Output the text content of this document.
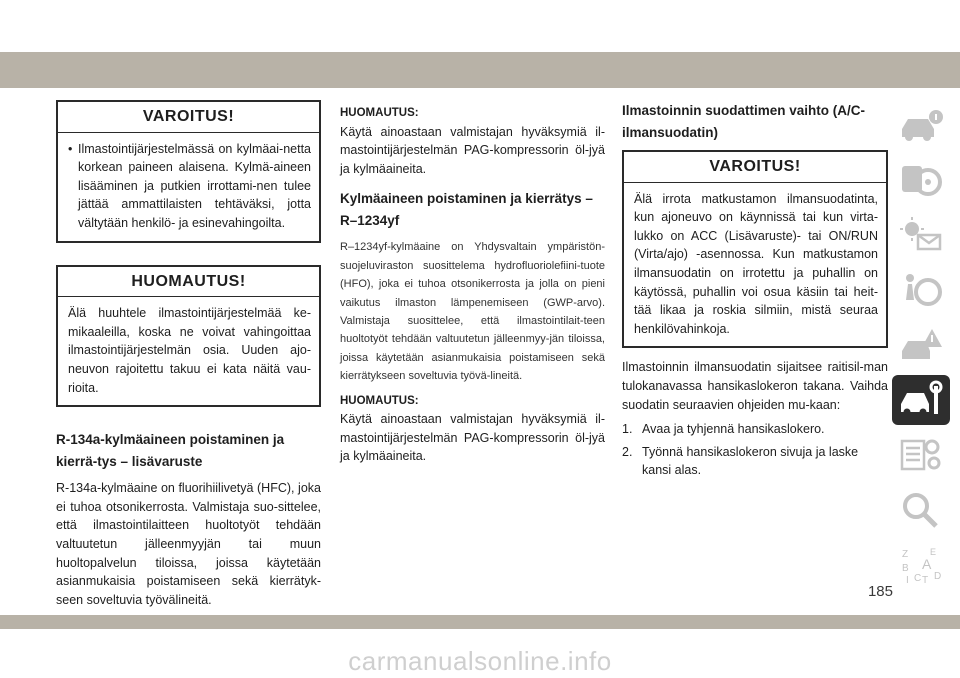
VAROITUS!
• Ilmastointijärjestelmässä on kylmäai-netta korkean paineen alaisena. Kylmä-aineen lisääminen ja putkien irrottami-nen tulee jättää ammattilaisten tehtäväksi, jotta vältytään henkilö- ja esinevahingoilta.
HUOMAUTUS!
Älä huuhtele ilmastointijärjestelmää ke-mikaaleilla, koska ne voivat vahingoittaa ilmastointijärjestelmän osia. Uuden ajo-neuvon rajoitettu takuu ei kata näitä vau-rioita.
R-134a-kylmäaineen poistaminen ja kierrä-tys – lisävaruste
R-134a-kylmäaine on fluorihiilivetyä (HFC), joka ei tuhoa otsonikerrosta. Valmistaja suo-sittelee, että ilmastointilaitteen huoltotyöt tehdään valtuutetun jälleenmyyjän tai muun huoltopalvelun tiloissa, joissa käytetään asianmukaisia poistamiseen sekä kierrätyk-seen soveltuvia työvälineitä.
HUOMAUTUS:
Käytä ainoastaan valmistajan hyväksymiä il-mastointijärjestelmän PAG-kompressorin öl-jyä ja kylmäaineita.
Kylmäaineen poistaminen ja kierrätys – R–1234yf
R–1234yf-kylmäaine on Yhdysvaltain ympäristön-suojeluviraston suosittelema hydrofluoriolefiini-tuote (HFO), joka ei tuhoa otsonikerrosta ja jolla on pieni vaikutus ilmaston lämpenemiseen (GWP-arvo). Valmistaja suosittelee, että ilmastointilait-teen huoltotyöt tehdään valtuutetun jälleenmyy-jän tiloissa, joissa käytetään asianmukaisia poistamiseen sekä kierrätykseen soveltuvia työvä-lineitä.
HUOMAUTUS:
Käytä ainoastaan valmistajan hyväksymiä il-mastointijärjestelmän PAG-kompressorin öl-jyä ja kylmäaineita.
Ilmastoinnin suodattimen vaihto (A/C-ilmansuodatin)
VAROITUS!
Älä irrota matkustamon ilmansuodatinta, kun ajoneuvo on käynnissä tai kun virta-lukko on ACC (Lisävaruste)- tai ON/RUN (Virta/ajo) -asennossa. Kun matkustamon ilmansuodatin on irrotettu ja puhallin on käytössä, puhallin voi osua käsiin tai heit-tää likaa ja roskia silmiin, mistä seuraa henkilövahinkoja.
Ilmastoinnin ilmansuodatin sijaitsee raitisil-man tulokanavassa hansikaslokeron takana. Vaihda suodatin seuraavien ohjeiden mu-kaan:
1. Avaa ja tyhjennä hansikaslokero.
2. Työnnä hansikaslokeron sivuja ja laske kansi alas.
Z E
B A
I C T D
185
carmanualsonline.info
